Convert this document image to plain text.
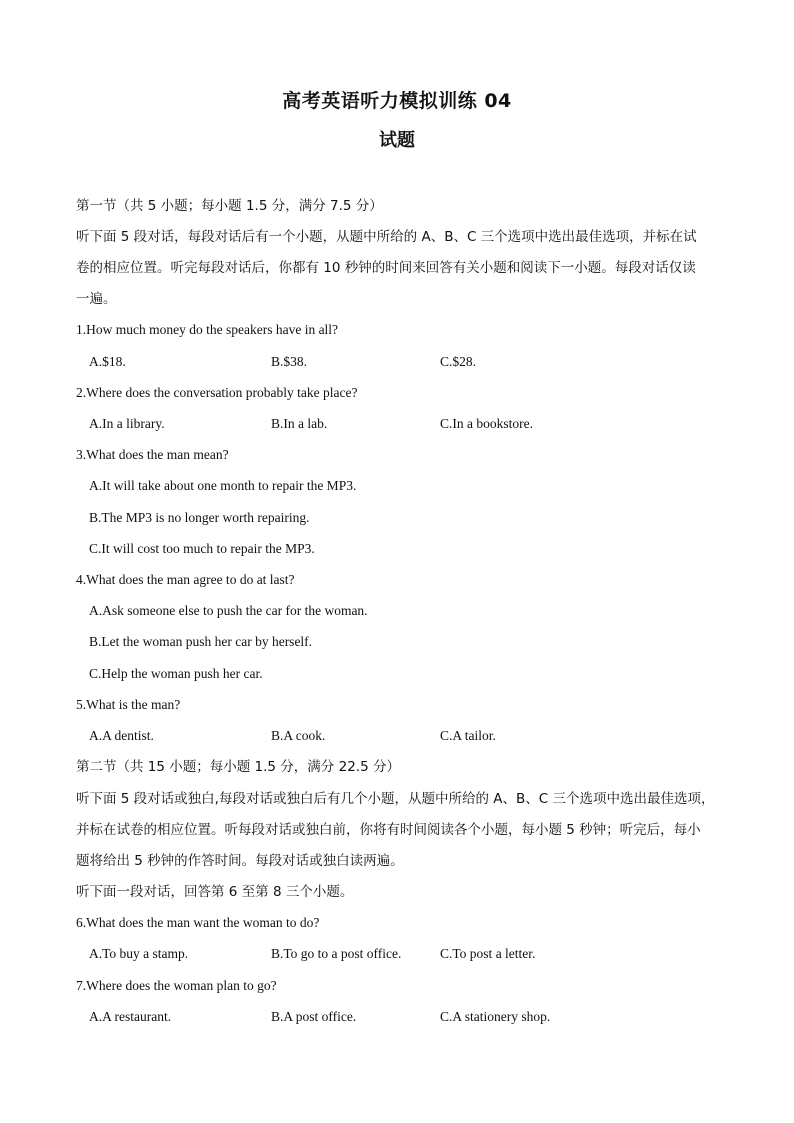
高考英语听力模拟训练 04
试题
第一节（共 5 小题；每小题 1.5 分，满分 7.5 分）
听下面 5 段对话，每段对话后有一个小题，从题中所给的 A、B、C 三个选项中选出最佳选项，并标在试
卷的相应位置。听完每段对话后，你都有 10 秒钟的时间来回答有关小题和阅读下一小题。每段对话仅读
一遍。
1.How much money do the speakers have in all?
A.$18.	B.$38.	C.$28.
2.Where does the conversation probably take place?
A.In a library.	B.In a lab.	C.In a bookstore.
3.What does the man mean?
A.It will take about one month to repair the MP3.
B.The MP3 is no longer worth repairing.
C.It will cost too much to repair the MP3.
4.What does the man agree to do at last?
A.Ask someone else to push the car for the woman.
B.Let the woman push her car by herself.
C.Help the woman push her car.
5.What is the man?
A.A dentist.	B.A cook.	C.A tailor.
第二节（共 15 小题；每小题 1.5 分，满分 22.5 分）
听下面 5 段对话或独白,每段对话或独白后有几个小题，从题中所给的 A、B、C 三个选项中选出最佳选项，
并标在试卷的相应位置。听每段对话或独白前，你将有时间阅读各个小题，每小题 5 秒钟；听完后，每小
题将给出 5 秒钟的作答时间。每段对话或独白读两遍。
听下面一段对话，回答第 6 至第 8 三个小题。
6.What does the man want the woman to do?
A.To buy a stamp.	B.To go to a post office.	C.To post a letter.
7.Where does the woman plan to go?
A.A restaurant.	B.A post office.	C.A stationery shop.
